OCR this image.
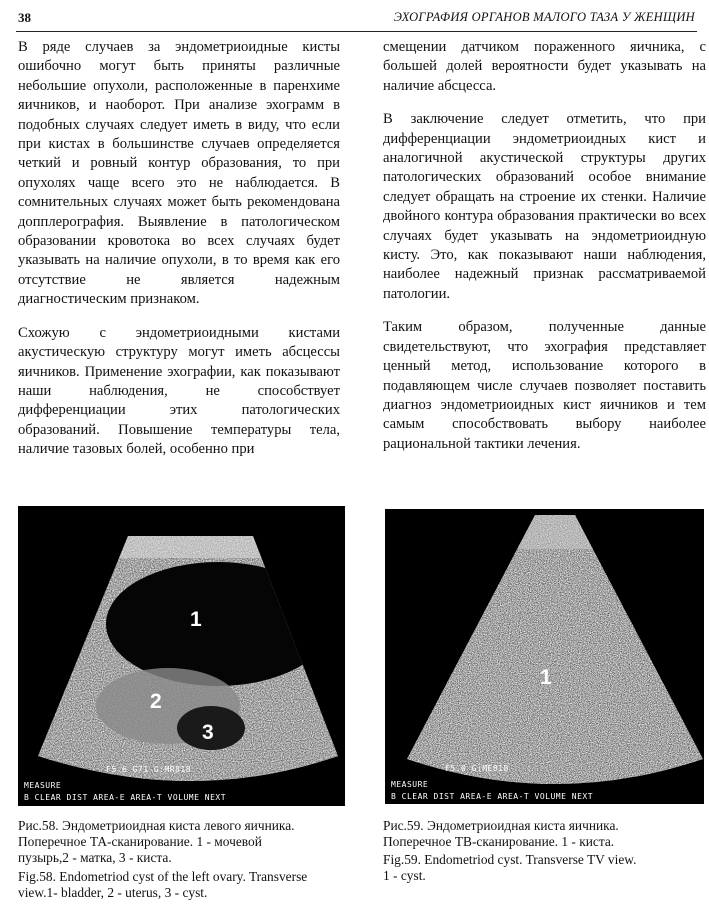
38	ЭХОГРАФИЯ ОРГАНОВ МАЛОГО ТАЗА У ЖЕНЩИН

В ряде случаев за эндометриоидные кисты ошибочно могут быть приняты различные небольшие опухоли, расположенные в паренхиме яичников, и наоборот. При анализе эхограмм в подобных случаях следует иметь в виду, что если при кистах в большинстве случаев определяется четкий и ровный контур образования, то при опухолях чаще всего это не наблюдается. В сомнительных случаях может быть рекомендована допплерография. Выявление в патологическом образовании кровотока во всех случаях будет указывать на наличие опухоли, в то время как его отсутствие не является надежным диагностическим признаком.

Схожую с эндометриоидными кистами акустическую структуру могут иметь абсцессы яичников. Применение эхографии, как показывают наши наблюдения, не способствует дифференциации этих патологических образований. Повышение температуры тела, наличие тазовых болей, особенно при

смещении датчиком пораженного яичника, с большей долей вероятности будет указывать на наличие абсцесса.

В заключение следует отметить, что при дифференциации эндометриоидных кист и аналогичной акустической структуры других патологических образований особое внимание следует обращать на строение их стенки. Наличие двойного контура образования практически во всех случаях будет указывать на эндометриоидную кисту. Это, как показывают наши наблюдения, наиболее надежный признак рассматриваемой патологии.

Таким образом, полученные данные свидетельствуют, что эхография представляет ценный метод, использование которого в подавляющем числе случаев позволяет поставить диагноз эндометриоидных кист яичников и тем самым способствовать выбору наиболее рациональной тактики лечения.

1
2
3
F5.6 G71 G:MR818
MEASURE
B CLEAR DIST AREA-E AREA-T VOLUME NEXT
1
F5.0 G:ME818
MEASURE
B CLEAR DIST AREA-E AREA-T VOLUME NEXT
Рис.58. Эндометриоидная киста левого яичника.
Поперечное ТА-сканирование. 1 - мочевой
пузырь,2 - матка, 3 - киста.
Fig.58. Endometriod cyst of the left ovary. Transverse
view.1- bladder, 2 - uterus, 3 - cyst.
Рис.59. Эндометриоидная киста яичника.
Поперечное ТВ-сканирование. 1 - киста.
Fig.59. Endometriod cyst. Transverse TV view.
1 - cyst.
